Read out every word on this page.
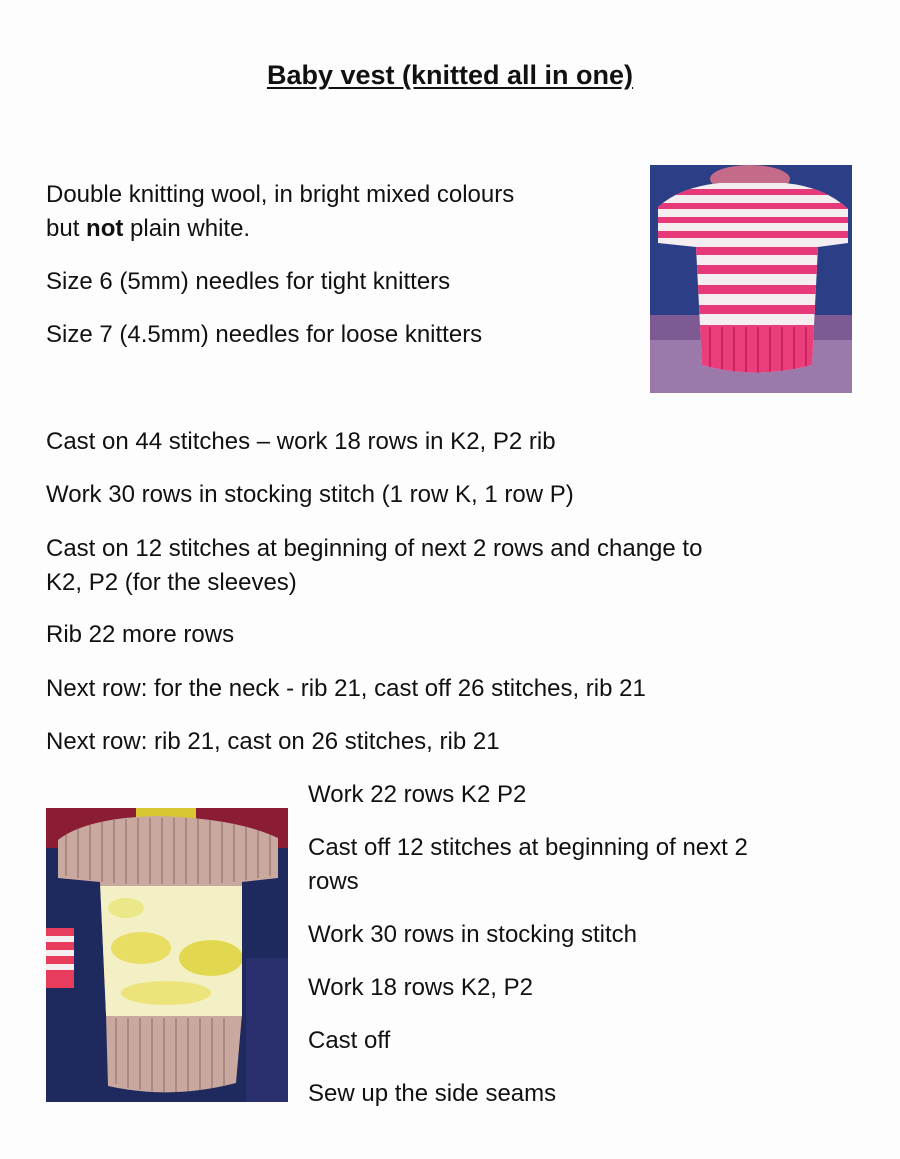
Baby vest (knitted all in one)
Double knitting wool, in bright mixed colours
but not plain white.
Size 6 (5mm) needles for tight knitters
Size 7 (4.5mm) needles for loose knitters
Cast on 44 stitches – work 18 rows in K2, P2 rib
Work 30 rows in stocking stitch (1 row K, 1 row P)
Cast on 12 stitches at beginning of next 2 rows and change to
K2, P2 (for the sleeves)
Rib 22 more rows
Next row: for the neck - rib 21, cast off 26 stitches, rib 21
Next row: rib 21, cast on 26 stitches, rib 21
Work 22 rows K2 P2
Cast off 12 stitches at beginning of next 2
rows
Work 30 rows in stocking stitch
Work 18 rows K2, P2
Cast off
Sew up the side seams
